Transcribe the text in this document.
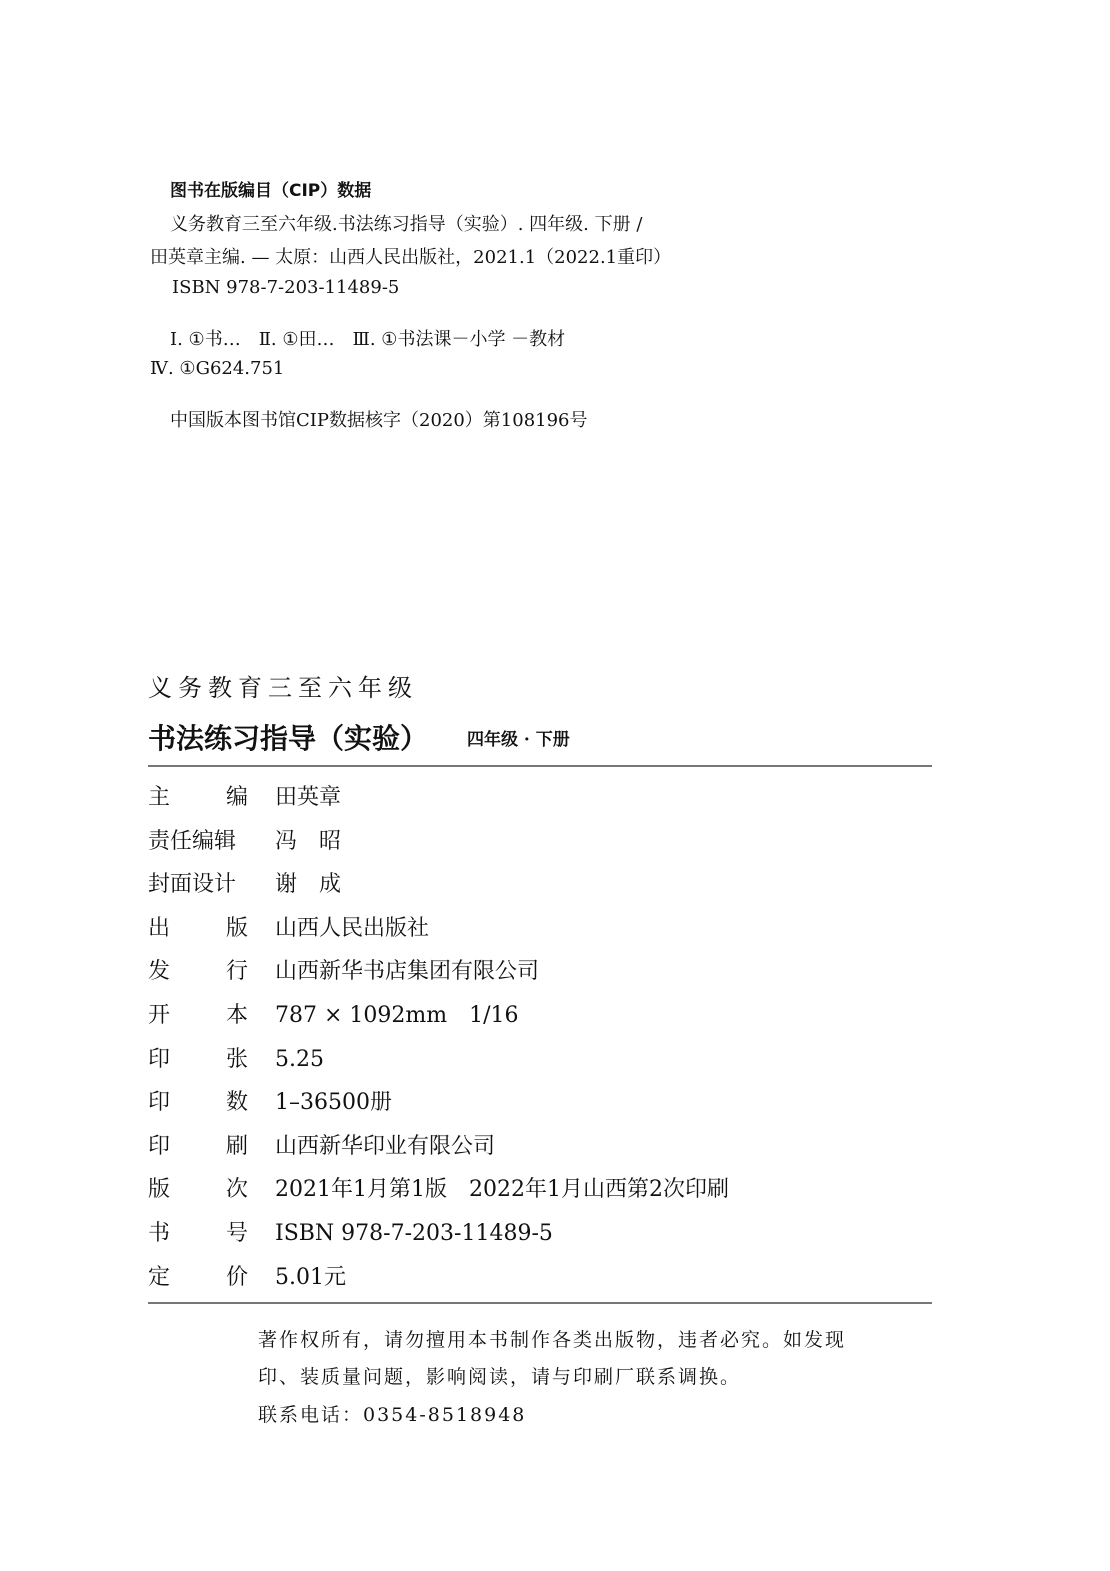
图书在版编目（CIP）数据
义务教育三至六年级.书法练习指导（实验）. 四年级. 下册 /
田英章主编. — 太原：山西人民出版社，2021.1（2022.1重印）
ISBN 978-7-203-11489-5
Ⅰ. ①书…　Ⅱ. ①田…　Ⅲ. ①书法课－小学 －教材
Ⅳ. ①G624.751
中国版本图书馆CIP数据核字（2020）第108196号
义务教育三至六年级
书法练习指导（实验） 四年级 · 下册
主	编 田英章
责任编辑 冯　昭
封面设计 谢　成
出	版 山西人民出版社
发	行 山西新华书店集团有限公司
开	本 787 × 1092mm　1/16
印	张 5.25
印	数 1–36500册
印	刷 山西新华印业有限公司
版	次 2021年1月第1版　2022年1月山西第2次印刷
书	号 ISBN 978-7-203-11489-5
定	价 5.01元
著作权所有，请勿擅用本书制作各类出版物，违者必究。如发现
印、装质量问题，影响阅读，请与印刷厂联系调换。
联系电话：0354-8518948
